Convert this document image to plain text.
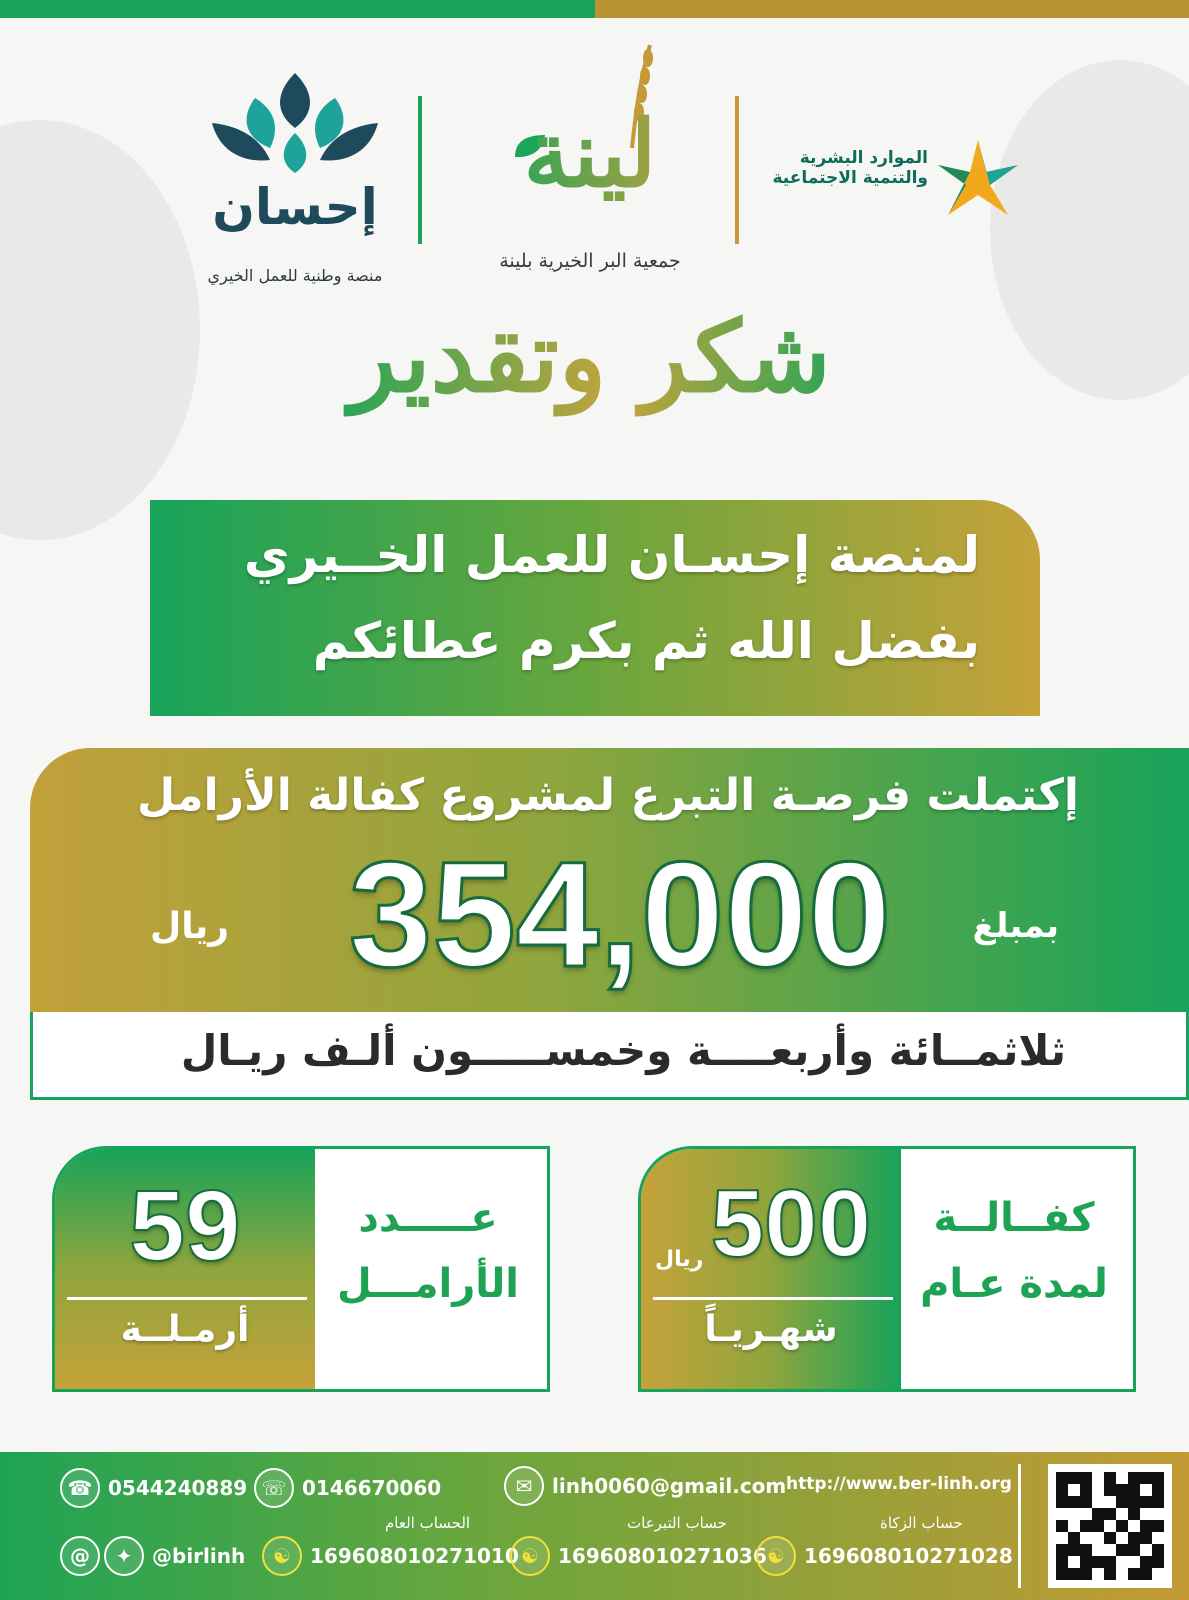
إحسان
منصة وطنية للعمل الخيري
لينة
جمعية البر الخيرية بلينة
الموارد البشرية
والتنمية الاجتماعية
شكر وتقدير
لمنصة إحسـان للعمل الخــيري
بفضل الله ثم بكرم عطائكم
إكتملت فرصـة التبرع لمشروع كفالة الأرامل
بمبلغ
354,000
ريال
ثلاثمــائة وأربعــــة وخمســـــون ألـف ريـال
59
أرمـلــة
عـــــدد
الأرامـــل
ريال 500
شهـريـاً
كفــالــة
لمدة عـام
☎ 0544240889 ☏ 0146670060	✉ linh0060@gmail.com http://www.ber-linh.org
الحساب العام	حساب التبرعات	حساب الزكاة
@	✦ @birlinh	☯ 169608010271010 ☯ 169608010271036 ☯ 169608010271028
